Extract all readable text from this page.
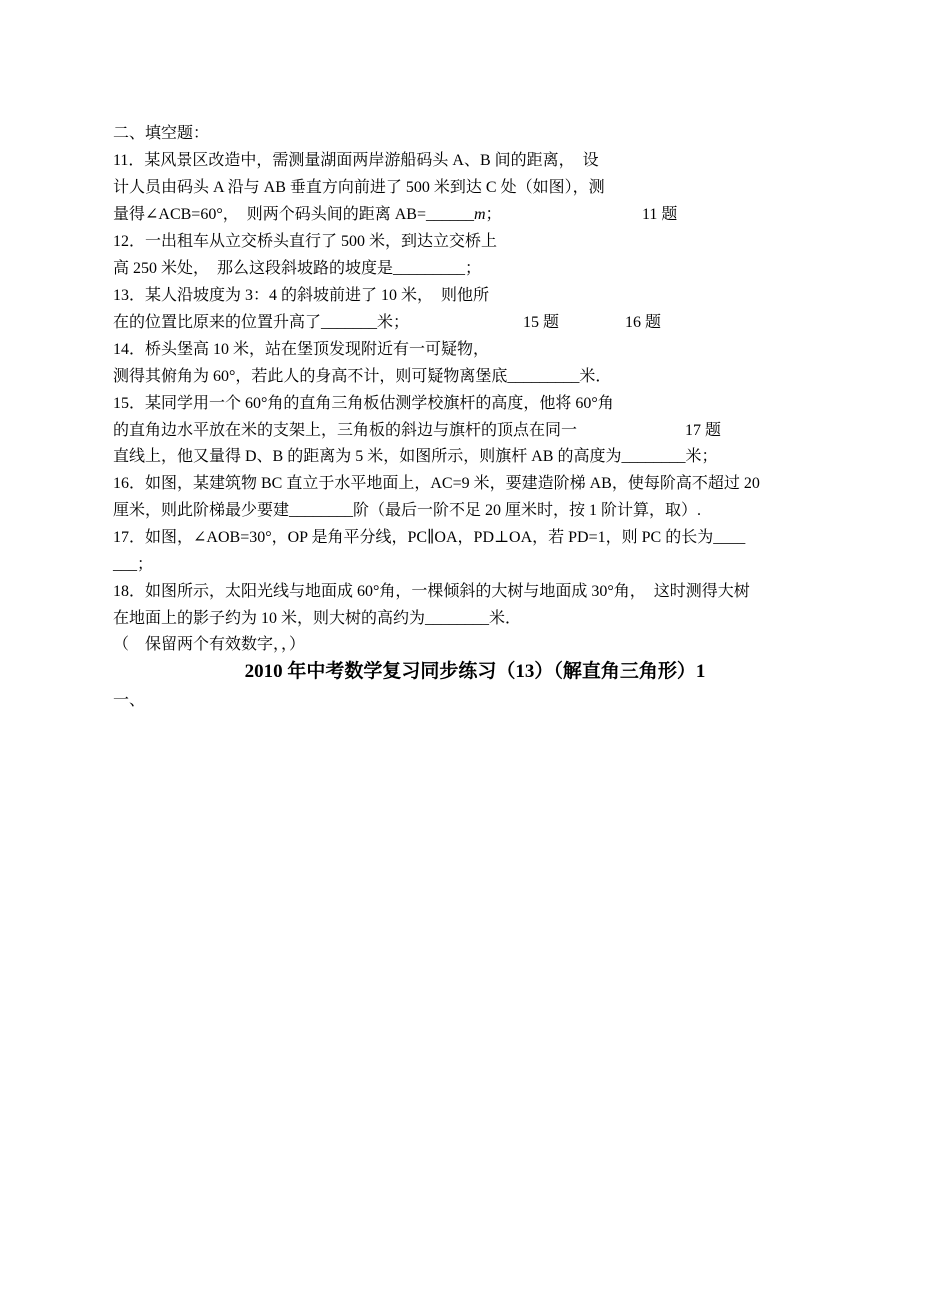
二、填空题：
11．某风景区改造中，需测量湖面两岸游船码头 A、B 间的距离，　设
计人员由码头 A 沿与 AB 垂直方向前进了 500 米到达 C 处（如图），测
量得∠ACB=60°，　则两个码头间的距离 AB=______m；	11 题
12．一出租车从立交桥头直行了 500 米，到达立交桥上
高 250 米处，　那么这段斜坡路的坡度是_________；
13．某人沿坡度为 3：4 的斜坡前进了 10 米，　则他所
在的位置比原来的位置升高了_______米；	15 题	16 题
14．桥头堡高 10 米，站在堡顶发现附近有一可疑物，
测得其俯角为 60°，若此人的身高不计，则可疑物离堡底_________米．
15．某同学用一个 60°角的直角三角板估测学校旗杆的高度，他将 60°角
的直角边水平放在米的支架上，三角板的斜边与旗杆的顶点在同一	17 题
直线上，他又量得 D、B 的距离为 5 米，如图所示，则旗杆 AB 的高度为________米；
16．如图，某建筑物 BC 直立于水平地面上，AC=9 米，要建造阶梯 AB，使每阶高不超过 20
厘米，则此阶梯最少要建________阶（最后一阶不足 20 厘米时，按 1 阶计算，取）.
17．如图，∠AOB=30°，OP 是角平分线，PC∥OA，PD⊥OA，若 PD=1，则 PC 的长为____
___；
18．如图所示，太阳光线与地面成 60°角，一棵倾斜的大树与地面成 30°角，　这时测得大树
在地面上的影子约为 10 米，则大树的高约为________米．
（　保留两个有效数字，，）
2010 年中考数学复习同步练习（13）（解直角三角形）1
一、
